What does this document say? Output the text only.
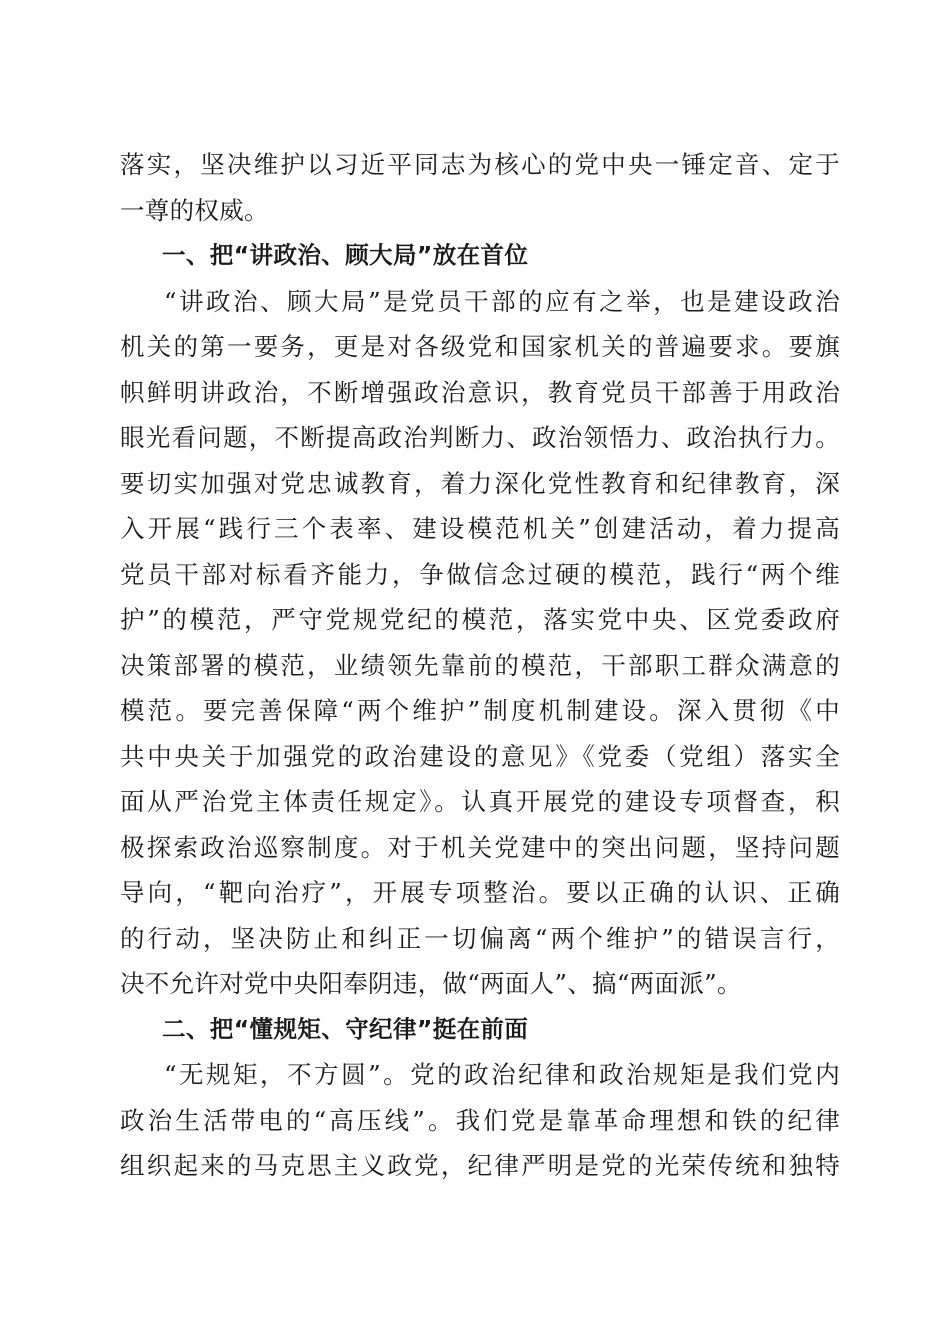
落实，坚决维护以习近平同志为核心的党中央一锤定音、定于
一尊的权威。
一、把“讲政治、顾大局”放在首位
“讲政治、顾大局”是党员干部的应有之举，也是建设政治
机关的第一要务，更是对各级党和国家机关的普遍要求。要旗
帜鲜明讲政治，不断增强政治意识，教育党员干部善于用政治
眼光看问题，不断提高政治判断力、政治领悟力、政治执行力。
要切实加强对党忠诚教育，着力深化党性教育和纪律教育，深
入开展“践行三个表率、建设模范机关”创建活动，着力提高
党员干部对标看齐能力，争做信念过硬的模范，践行“两个维
护”的模范，严守党规党纪的模范，落实党中央、区党委政府
决策部署的模范，业绩领先靠前的模范，干部职工群众满意的
模范。要完善保障“两个维护”制度机制建设。深入贯彻《中
共中央关于加强党的政治建设的意见》《党委（党组）落实全
面从严治党主体责任规定》。认真开展党的建设专项督查，积
极探索政治巡察制度。对于机关党建中的突出问题，坚持问题
导向，“靶向治疗”，开展专项整治。要以正确的认识、正确
的行动，坚决防止和纠正一切偏离“两个维护”的错误言行，
决不允许对党中央阳奉阴违，做“两面人”、搞“两面派”。
二、把“懂规矩、守纪律”挺在前面
“无规矩，不方圆”。党的政治纪律和政治规矩是我们党内
政治生活带电的“高压线”。我们党是靠革命理想和铁的纪律
组织起来的马克思主义政党，纪律严明是党的光荣传统和独特
